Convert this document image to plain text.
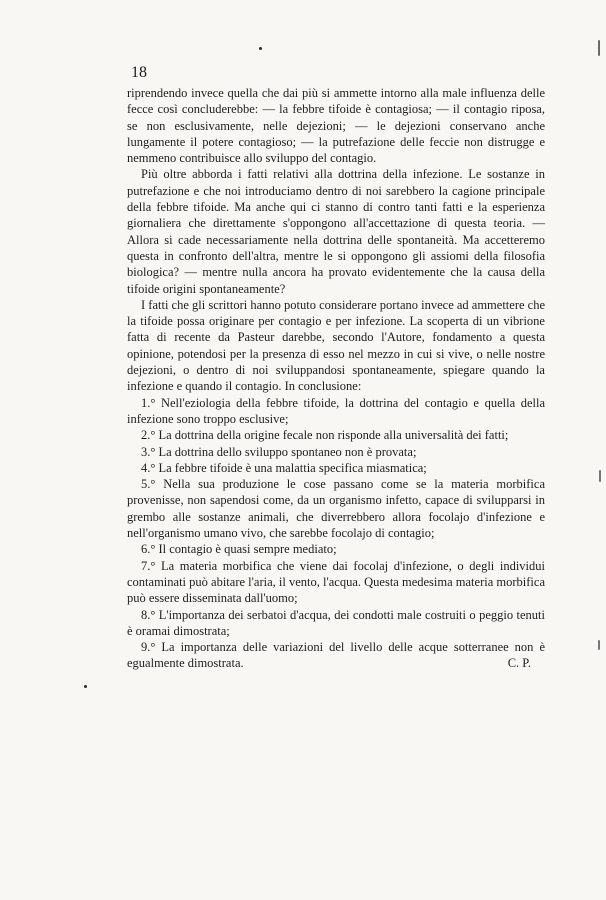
18

riprendendo invece quella che dai più si ammette intorno alla male influenza delle fecce così concluderebbe: — la febbre tifoide è contagiosa; — il contagio riposa, se non esclusivamente, nelle dejezioni; — le dejezioni conservano anche lungamente il potere contagioso; — la putrefazione delle feccie non distrugge e nemmeno contribuisce allo sviluppo del contagio.

Più oltre abborda i fatti relativi alla dottrina della infezione. Le sostanze in putrefazione e che noi introduciamo dentro di noi sarebbero la cagione principale della febbre tifoide. Ma anche qui ci stanno di contro tanti fatti e la esperienza giornaliera che direttamente s'oppongono all'accettazione di questa teoria. — Allora si cade necessariamente nella dottrina delle spontaneità. Ma accetteremo questa in confronto dell'altra, mentre le si oppongono gli assiomi della filosofia biologica? — mentre nulla ancora ha provato evidentemente che la causa della tifoide origini spontaneamente?

I fatti che gli scrittori hanno potuto considerare portano invece ad ammettere che la tifoide possa originare per contagio e per infezione. La scoperta di un vibrione fatta di recente da Pasteur darebbe, secondo l'Autore, fondamento a questa opinione, potendosi per la presenza di esso nel mezzo in cui si vive, o nelle nostre dejezioni, o dentro di noi sviluppandosi spontaneamente, spiegare quando la infezione e quando il contagio. In conclusione:

1.° Nell'eziologia della febbre tifoide, la dottrina del contagio e quella della infezione sono troppo esclusive;

2.° La dottrina della origine fecale non risponde alla universalità dei fatti;

3.° La dottrina dello sviluppo spontaneo non è provata;

4.° La febbre tifoide è una malattia specifica miasmatica;

5.° Nella sua produzione le cose passano come se la materia morbifica provenisse, non sapendosi come, da un organismo infetto, capace di svilupparsi in grembo alle sostanze animali, che diverrebbero allora focolajo d'infezione e nell'organismo umano vivo, che sarebbe focolajo di contagio;

6.° Il contagio è quasi sempre mediato;

7.° La materia morbifica che viene dai focolaj d'infezione, o degli individui contaminati può abitare l'aria, il vento, l'acqua. Questa medesima materia morbifica può essere disseminata dall'uomo;

8.° L'importanza dei serbatoi d'acqua, dei condotti male costruiti o peggio tenuti è oramai dimostrata;

9.° La importanza delle variazioni del livello delle acque sotterranee non è egualmente dimostrata.	C. P.
